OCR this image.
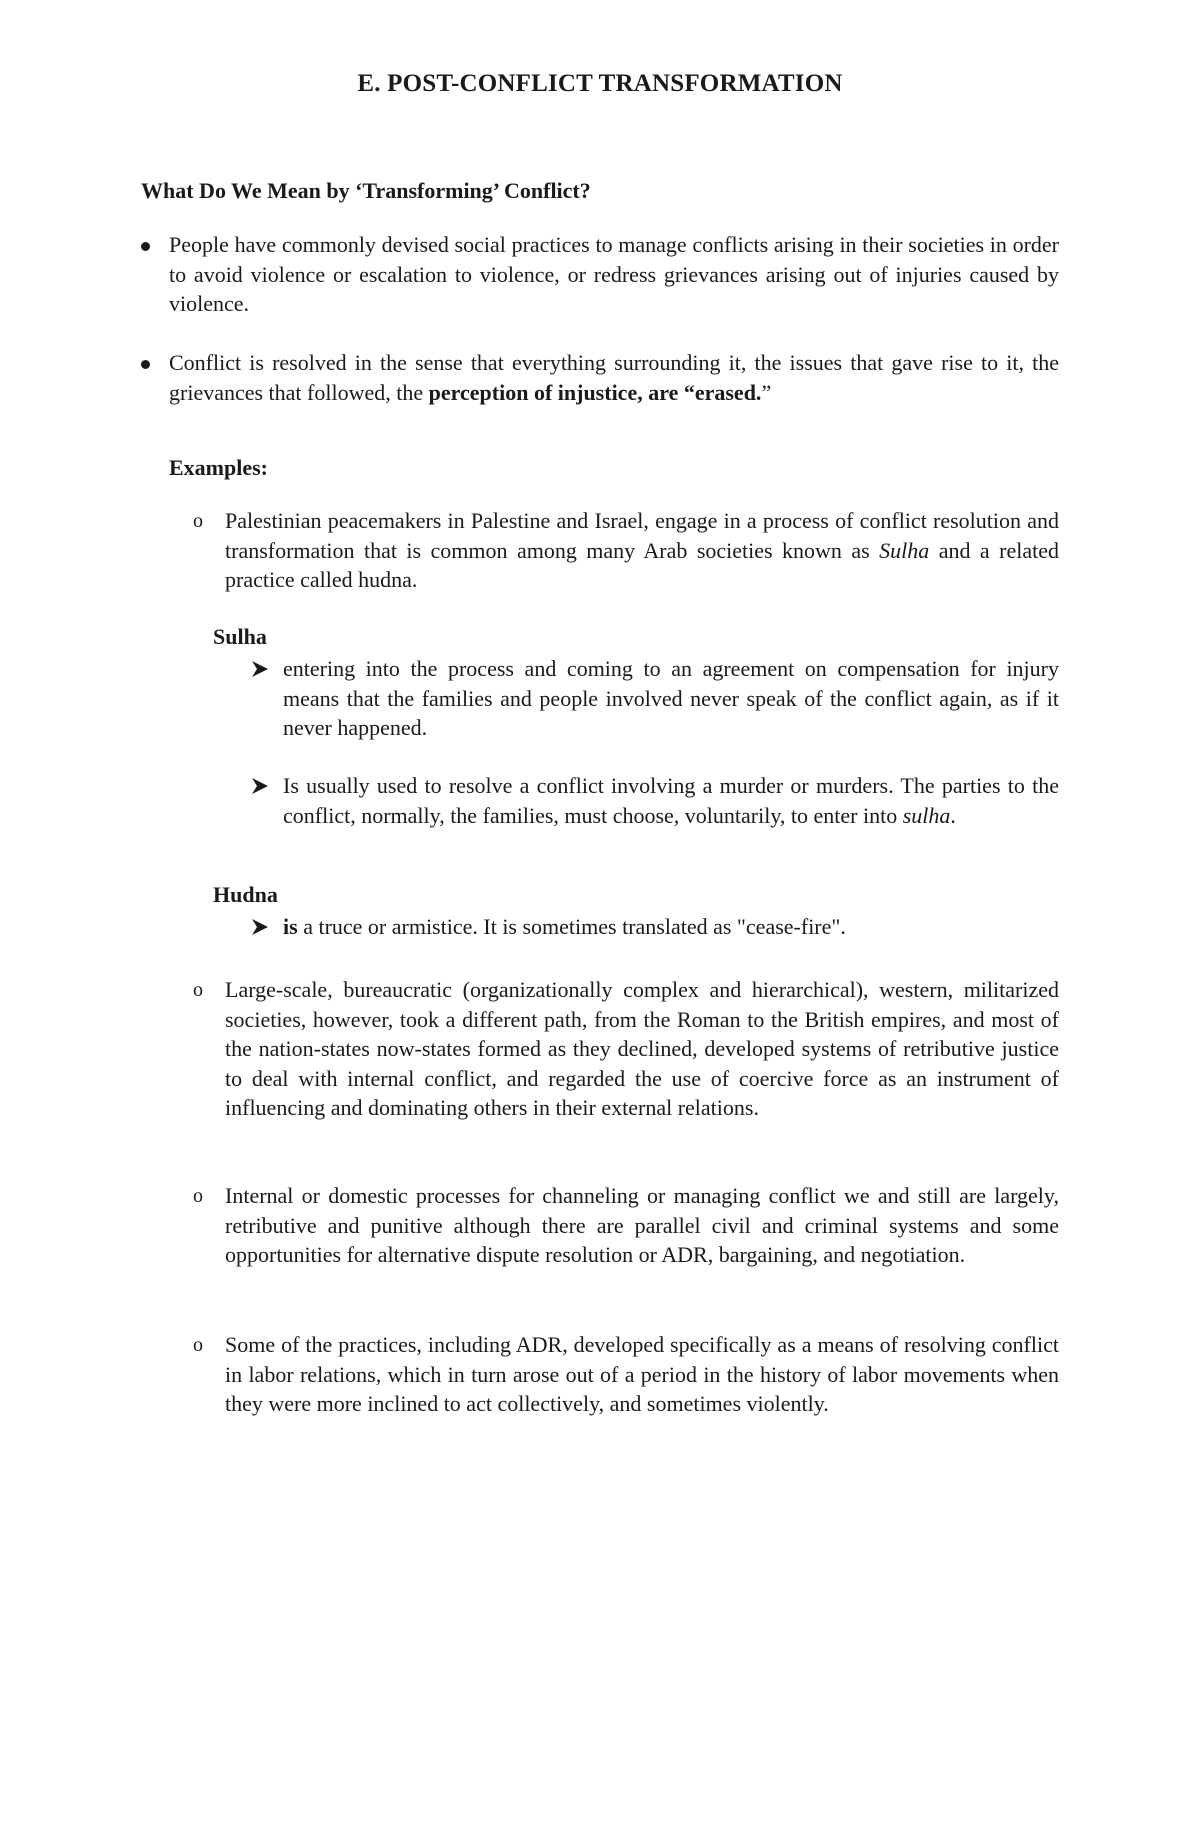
E. POST-CONFLICT TRANSFORMATION
What Do We Mean by ‘Transforming’ Conflict?

People have commonly devised social practices to manage conflicts arising in their societies in order to avoid violence or escalation to violence, or redress grievances arising out of injuries caused by violence.

Conflict is resolved in the sense that everything surrounding it, the issues that gave rise to it, the grievances that followed, the perception of injustice, are “erased.”

Examples:
o Palestinian peacemakers in Palestine and Israel, engage in a process of conflict resolution and transformation that is common among many Arab societies known as Sulha and a related practice called hudna.

Sulha

entering into the process and coming to an agreement on compensation for injury means that the families and people involved never speak of the conflict again, as if it never happened.

Is usually used to resolve a conflict involving a murder or murders. The parties to the conflict, normally, the families, must choose, voluntarily, to enter into sulha.

Hudna

is a truce or armistice. It is sometimes translated as "cease-fire".

o Large-scale, bureaucratic (organizationally complex and hierarchical), western, militarized societies, however, took a different path, from the Roman to the British empires, and most of the nation-states now-states formed as they declined, developed systems of retributive justice to deal with internal conflict, and regarded the use of coercive force as an instrument of influencing and dominating others in their external relations.

o Internal or domestic processes for channeling or managing conflict we and still are largely, retributive and punitive although there are parallel civil and criminal systems and some opportunities for alternative dispute resolution or ADR, bargaining, and negotiation.

o Some of the practices, including ADR, developed specifically as a means of resolving conflict in labor relations, which in turn arose out of a period in the history of labor movements when they were more inclined to act collectively, and sometimes violently.
